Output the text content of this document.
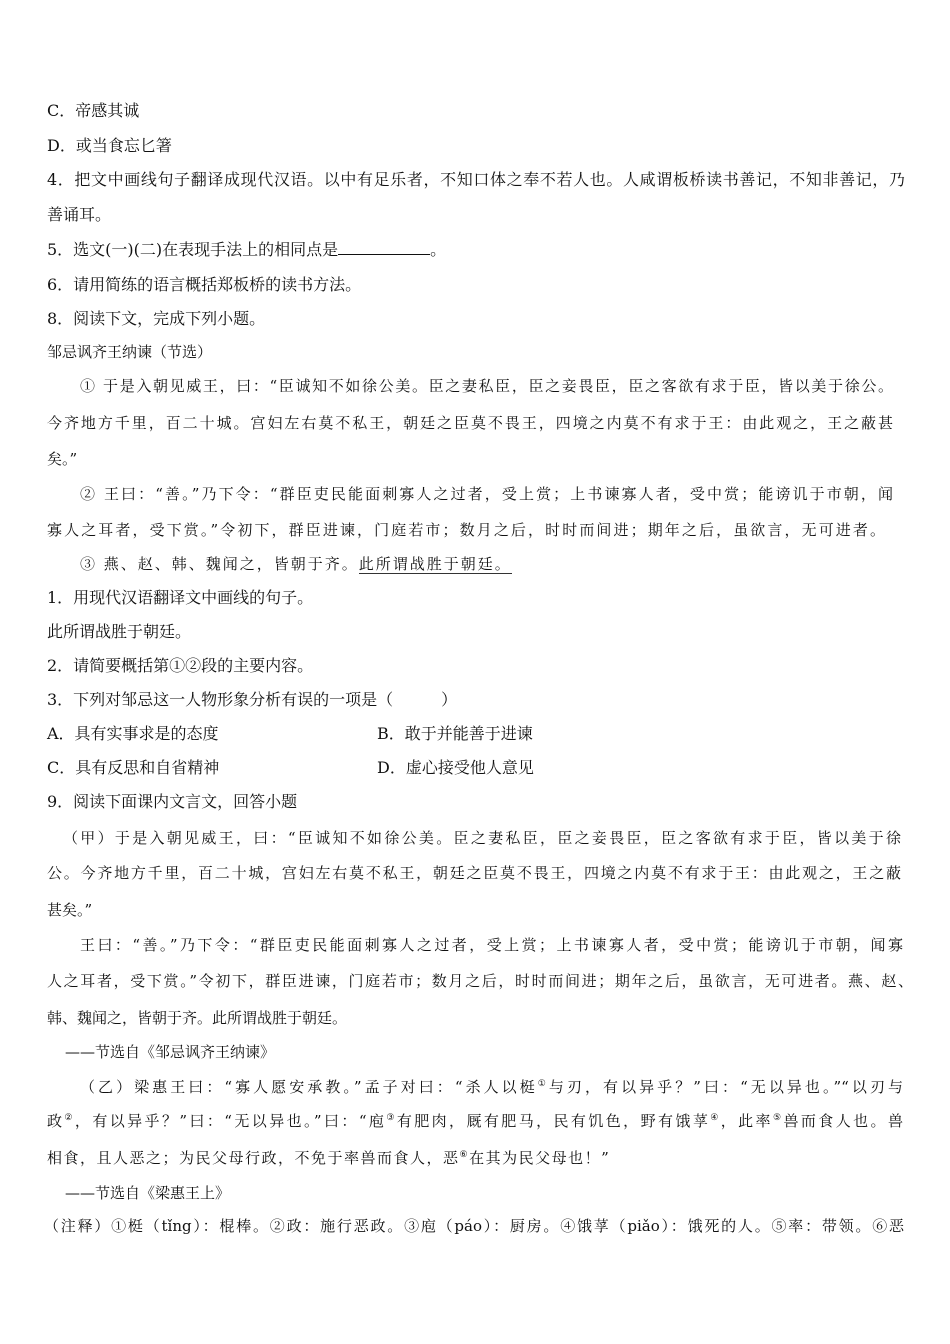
C．帝感其诚
D．或当食忘匕箸
4．把文中画线句子翻译成现代汉语。以中有足乐者，不知口体之奉不若人也。人咸谓板桥读书善记，不知非善记，乃
善诵耳。
5．选文(一)(二)在表现手法上的相同点是	。
6．请用简练的语言概括郑板桥的读书方法。
8．阅读下文，完成下列小题。
邹忌讽齐王纳谏（节选）
① 于是入朝见威王，曰：“臣诚知不如徐公美。臣之妻私臣，臣之妾畏臣，臣之客欲有求于臣，皆以美于徐公。
今齐地方千里，百二十城。宫妇左右莫不私王，朝廷之臣莫不畏王，四境之内莫不有求于王：由此观之，王之蔽甚
矣。”
② 王曰：“善。”乃下令：“群臣吏民能面刺寡人之过者，受上赏；上书谏寡人者，受中赏；能谤讥于市朝，闻
寡人之耳者，受下赏。”令初下，群臣进谏，门庭若市；数月之后，时时而间进；期年之后，虽欲言，无可进者。
③ 燕、赵、韩、魏闻之，皆朝于齐。此所谓战胜于朝廷。
1．用现代汉语翻译文中画线的句子。
此所谓战胜于朝廷。
2．请简要概括第①②段的主要内容。
3．下列对邹忌这一人物形象分析有误的一项是（　　　）
A．具有实事求是的态度	B．敢于并能善于进谏
C．具有反思和自省精神	D．虚心接受他人意见
9．阅读下面课内文言文，回答小题
（甲）于是入朝见威王，曰：“臣诚知不如徐公美。臣之妻私臣，臣之妾畏臣，臣之客欲有求于臣，皆以美于徐
公。今齐地方千里，百二十城，宫妇左右莫不私王，朝廷之臣莫不畏王，四境之内莫不有求于王：由此观之，王之蔽
甚矣。”
王曰：“善。”乃下令：“群臣吏民能面刺寡人之过者，受上赏；上书谏寡人者，受中赏；能谤讥于市朝，闻寡
人之耳者，受下赏。”令初下，群臣进谏，门庭若市；数月之后，时时而间进；期年之后，虽欲言，无可进者。燕、赵、
韩、魏闻之，皆朝于齐。此所谓战胜于朝廷。
——节选自《邹忌讽齐王纳谏》
（乙）梁惠王曰：“寡人愿安承教。”孟子对曰：“杀人以梃①与刃，有以异乎？”曰：“无以异也。”“以刃与
政②，有以异乎？”曰：“无以异也。”曰：“庖③有肥肉，厩有肥马，民有饥色，野有饿莩④，此率⑤兽而食人也。兽
相食，且人恶之；为民父母行政，不免于率兽而食人，恶⑥在其为民父母也！”
——节选自《梁惠王上》
（注释）①梃（tǐng）：棍棒。②政：施行恶政。③庖（páo）：厨房。④饿莩（piǎo）：饿死的人。⑤率：带领。⑥恶
